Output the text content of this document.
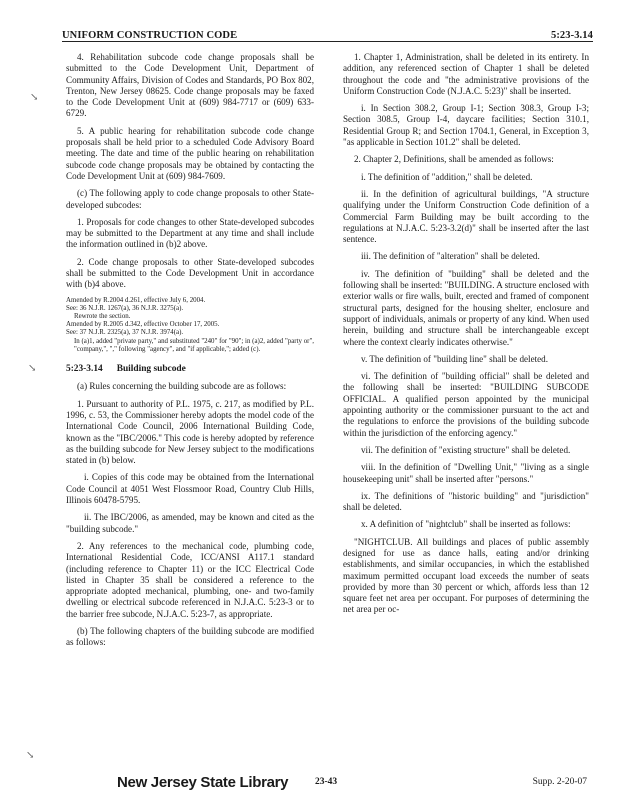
UNIFORM CONSTRUCTION CODE	5:23-3.14
↘
↘
↘

4. Rehabilitation subcode code change proposals shall be submitted to the Code Development Unit, Department of Community Affairs, Division of Codes and Standards, PO Box 802, Trenton, New Jersey 08625. Code change proposals may be faxed to the Code Development Unit at (609) 984-7717 or (609) 633-6729.

5. A public hearing for rehabilitation subcode code change proposals shall be held prior to a scheduled Code Advisory Board meeting. The date and time of the public hearing on rehabilitation subcode code change proposals may be obtained by contacting the Code Development Unit at (609) 984-7609.

(c) The following apply to code change proposals to other State-developed subcodes:

1. Proposals for code changes to other State-developed subcodes may be submitted to the Department at any time and shall include the information outlined in (b)2 above.

2. Code change proposals to other State-developed subcodes shall be submitted to the Code Development Unit in accordance with (b)4 above.

Amended by R.2004 d.261, effective July 6, 2004.
See: 36 N.J.R. 1267(a), 36 N.J.R. 3275(a).
Rewrote the section.
Amended by R.2005 d.342, effective October 17, 2005.
See: 37 N.J.R. 2325(a), 37 N.J.R. 3974(a).
In (a)1, added "private party," and substituted "240" for "90"; in (a)2, added "party or", "company,", "," following "agency", and "if applicable,"; added (c).
5:23-3.14 Building subcode

(a) Rules concerning the building subcode are as follows:

1. Pursuant to authority of P.L. 1975, c. 217, as modified by P.L. 1996, c. 53, the Commissioner hereby adopts the model code of the International Code Council, 2006 International Building Code, known as the "IBC/2006." This code is hereby adopted by reference as the building subcode for New Jersey subject to the modifications stated in (b) below.

i. Copies of this code may be obtained from the International Code Council at 4051 West Flossmoor Road, Country Club Hills, Illinois 60478-5795.

ii. The IBC/2006, as amended, may be known and cited as the "building subcode."

2. Any references to the mechanical code, plumbing code, International Residential Code, ICC/ANSI A117.1 standard (including reference to Chapter 11) or the ICC Electrical Code listed in Chapter 35 shall be considered a reference to the appropriate adopted mechanical, plumbing, one- and two-family dwelling or electrical subcode referenced in N.J.A.C. 5:23-3 or to the barrier free subcode, N.J.A.C. 5:23-7, as appropriate.

(b) The following chapters of the building subcode are modified as follows:

1. Chapter 1, Administration, shall be deleted in its entirety. In addition, any referenced section of Chapter 1 shall be deleted throughout the code and "the administrative provisions of the Uniform Construction Code (N.J.A.C. 5:23)" shall be inserted.

i. In Section 308.2, Group I-1; Section 308.3, Group I-3; Section 308.5, Group I-4, daycare facilities; Section 310.1, Residential Group R; and Section 1704.1, General, in Exception 3, "as applicable in Section 101.2" shall be deleted.

2. Chapter 2, Definitions, shall be amended as follows:

i. The definition of "addition," shall be deleted.

ii. In the definition of agricultural buildings, "A structure qualifying under the Uniform Construction Code definition of a Commercial Farm Building may be built according to the regulations at N.J.A.C. 5:23-3.2(d)" shall be inserted after the last sentence.

iii. The definition of "alteration" shall be deleted.

iv. The definition of "building" shall be deleted and the following shall be inserted: "BUILDING. A structure enclosed with exterior walls or fire walls, built, erected and framed of component structural parts, designed for the housing shelter, enclosure and support of individuals, animals or property of any kind. When used herein, building and structure shall be interchangeable except where the context clearly indicates otherwise."

v. The definition of "building line" shall be deleted.

vi. The definition of "building official" shall be deleted and the following shall be inserted: "BUILDING SUBCODE OFFICIAL. A qualified person appointed by the municipal appointing authority or the commissioner pursuant to the act and the regulations to enforce the provisions of the building subcode within the jurisdiction of the enforcing agency."

vii. The definition of "existing structure" shall be deleted.

viii. In the definition of "Dwelling Unit," "living as a single housekeeping unit" shall be inserted after "persons."

ix. The definitions of "historic building" and "jurisdiction" shall be deleted.

x. A definition of "nightclub" shall be inserted as follows:

"NIGHTCLUB. All buildings and places of public assembly designed for use as dance halls, eating and/or drinking establishments, and similar occupancies, in which the established maximum permitted occupant load exceeds the number of seats provided by more than 30 percent or which, affords less than 12 square feet net area per occupant. For purposes of determining the net area per oc-

New Jersey State Library	23-43	Supp. 2-20-07
